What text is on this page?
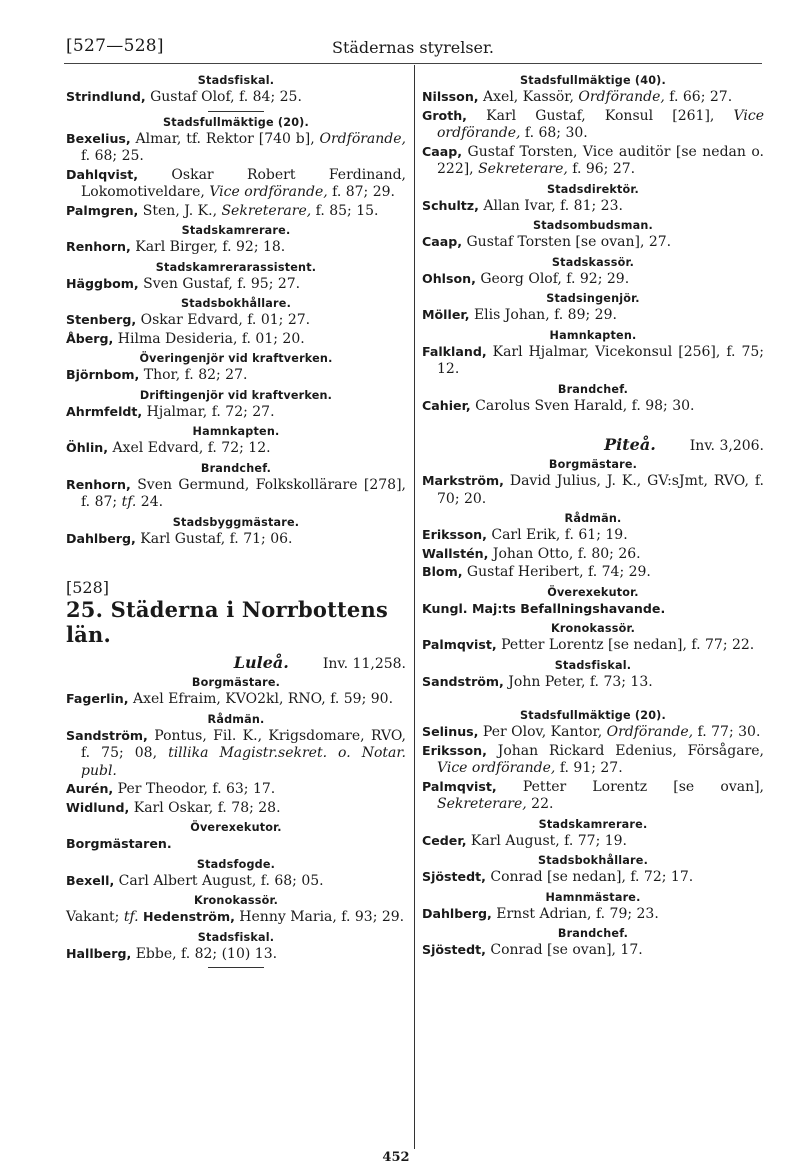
[527—528]	Städernas styrelser.
Stadsfiskal.

Strindlund, Gustaf Olof, f. 84; 25.

Stadsfullmäktige (20).

Bexelius, Almar, tf. Rektor [740 b], Ordförande, f. 68; 25.

Dahlqvist, Oskar Robert Ferdinand, Lokomotiveldare, Vice ordförande, f. 87; 29.

Palmgren, Sten, J. K., Sekreterare, f. 85; 15.

Stadskamrerare.

Renhorn, Karl Birger, f. 92; 18.

Stadskamrerarassistent.

Häggbom, Sven Gustaf, f. 95; 27.

Stadsbokhållare.

Stenberg, Oskar Edvard, f. 01; 27.

Åberg, Hilma Desideria, f. 01; 20.

Överingenjör vid kraftverken.

Björnbom, Thor, f. 82; 27.

Driftingenjör vid kraftverken.

Ahrmfeldt, Hjalmar, f. 72; 27.

Hamnkapten.

Öhlin, Axel Edvard, f. 72; 12.

Brandchef.

Renhorn, Sven Germund, Folkskollärare [278], f. 87; tf. 24.

Stadsbyggmästare.

Dahlberg, Karl Gustaf, f. 71; 06.

[528]
25. Städerna i Norrbottens län.
Luleå. Inv. 11,258.
Borgmästare.

Fagerlin, Axel Efraim, KVO2kl, RNO, f. 59; 90.

Rådmän.

Sandström, Pontus, Fil. K., Krigsdomare, RVO, f. 75; 08, tillika Magistr.sekret. o. Notar. publ.

Aurén, Per Theodor, f. 63; 17.

Widlund, Karl Oskar, f. 78; 28.

Överexekutor.

Borgmästaren.

Stadsfogde.

Bexell, Carl Albert August, f. 68; 05.

Kronokassör.

Vakant; tf. Hedenström, Henny Maria, f. 93; 29.

Stadsfiskal.

Hallberg, Ebbe, f. 82; (10) 13.

Stadsfullmäktige (40).

Nilsson, Axel, Kassör, Ordförande, f. 66; 27.

Groth, Karl Gustaf, Konsul [261], Vice ordförande, f. 68; 30.

Caap, Gustaf Torsten, Vice auditör [se nedan o. 222], Sekreterare, f. 96; 27.

Stadsdirektör.

Schultz, Allan Ivar, f. 81; 23.

Stadsombudsman.

Caap, Gustaf Torsten [se ovan], 27.

Stadskassör.

Ohlson, Georg Olof, f. 92; 29.

Stadsingenjör.

Möller, Elis Johan, f. 89; 29.

Hamnkapten.

Falkland, Karl Hjalmar, Vicekonsul [256], f. 75; 12.

Brandchef.

Cahier, Carolus Sven Harald, f. 98; 30.

Piteå. Inv. 3,206.
Borgmästare.

Markström, David Julius, J. K., GV:sJmt, RVO, f. 70; 20.

Rådmän.

Eriksson, Carl Erik, f. 61; 19.

Wallstén, Johan Otto, f. 80; 26.

Blom, Gustaf Heribert, f. 74; 29.

Överexekutor.

Kungl. Maj:ts Befallningshavande.

Kronokassör.

Palmqvist, Petter Lorentz [se nedan], f. 77; 22.

Stadsfiskal.

Sandström, John Peter, f. 73; 13.

Stadsfullmäktige (20).

Selinus, Per Olov, Kantor, Ordförande, f. 77; 30.

Eriksson, Johan Rickard Edenius, Försågare, Vice ordförande, f. 91; 27.

Palmqvist, Petter Lorentz [se ovan], Sekreterare, 22.

Stadskamrerare.

Ceder, Karl August, f. 77; 19.

Stadsbokhållare.

Sjöstedt, Conrad [se nedan], f. 72; 17.

Hamnmästare.

Dahlberg, Ernst Adrian, f. 79; 23.

Brandchef.

Sjöstedt, Conrad [se ovan], 17.

452
